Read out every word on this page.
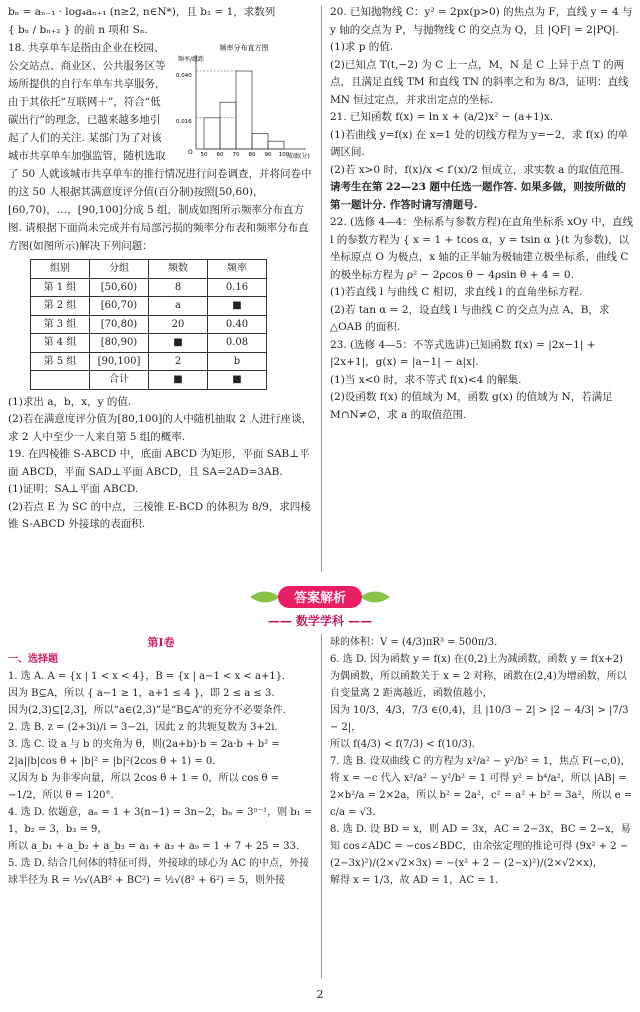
bₙ = aₙ₋₁ · log₄aₙ₊₁ (n≥2, n∈N*)，且 b₁ = 1，求数列

{ bₙ / bₙ₊₂ } 的前 n 项和 Sₙ.

频率分布直方图
频率/组距
0.040
0.016
O
成绩(分)
50 60 70 80 90 100
18. 共享单车是指由企业在校园、公交站点、商业区、公共服务区等场所提供的自行车单车共享服务，由于其依托“互联网＋”，符合“低碳出行”的理念，已越来越多地引起了人们的关注. 某部门为了对该城市共享单车加强监管，随机选取了 50 人就该城市共享单车的推行情况进行问卷调查，并将问卷中的这 50 人根据其满意度评分值(百分制)按照[50,60)，[60,70)，…，[90,100]分成 5 组，制成如图所示频率分布直方图. 请根据下面尚未完成并有局部污损的频率分布表和频率分布直方图(如图所示)解决下列问题：
组别	分组	频数	频率
第 1 组	[50,60)	8	0.16
第 2 组	[60,70)	a	■
第 3 组	[70,80)	20	0.40
第 4 组	[80,90)	■	0.08
第 5 组	[90,100]	2	b
	合计	■	■

(1)求出 a，b，x，y 的值.

(2)若在满意度评分值为[80,100]的人中随机抽取 2 人进行座谈，求 2 人中至少一人来自第 5 组的概率.

19. 在四棱锥 S-ABCD 中，底面 ABCD 为矩形，平面 SAB⊥平面 ABCD，平面 SAD⊥平面 ABCD，且 SA=2AD=3AB.

(1)证明：SA⊥平面 ABCD.

(2)若点 E 为 SC 的中点，三棱锥 E-BCD 的体积为 8/9，求四棱锥 S-ABCD 外接球的表面积.

20. 已知抛物线 C：y² = 2px(p>0) 的焦点为 F，直线 y = 4 与 y 轴的交点为 P，与抛物线 C 的交点为 Q，且 |QF| = 2|PQ|.

(1)求 p 的值.

(2)已知点 T(t,−2) 为 C 上一点，M，N 是 C 上异于点 T 的两点，且满足直线 TM 和直线 TN 的斜率之和为 8/3，证明：直线 MN 恒过定点，并求出定点的坐标.

21. 已知函数 f(x) = ln x + (a/2)x² − (a+1)x.

(1)若曲线 y=f(x) 在 x=1 处的切线方程为 y=−2，求 f(x) 的单调区间.

(2)若 x>0 时，f(x)/x < f′(x)/2 恒成立，求实数 a 的取值范围.

请考生在第 22—23 题中任选一题作答. 如果多做，则按所做的第一题计分. 作答时请写清题号.

22. (选修 4—4：坐标系与参数方程)在直角坐标系 xOy 中，直线 l 的参数方程为 { x = 1 + tcos α，y = tsin α }(t 为参数)，以坐标原点 O 为极点，x 轴的正半轴为极轴建立极坐标系，曲线 C 的极坐标方程为 ρ² − 2ρcos θ − 4ρsin θ + 4 = 0.

(1)若直线 l 与曲线 C 相切，求直线 l 的直角坐标方程.

(2)若 tan α = 2，设直线 l 与曲线 C 的交点为点 A，B，求 △OAB 的面积.

23. (选修 4—5：不等式选讲)已知函数 f(x) = |2x−1| + |2x+1|，g(x) = |a−1| − a|x|.

(1)当 x<0 时，求不等式 f(x)<4 的解集.

(2)设函数 f(x) 的值域为 M，函数 g(x) 的值域为 N，若满足 M∩N≠∅，求 a 的取值范围.

答案解析
—— 数学学科 ——

第Ⅰ卷

一、选择题

1. 选 A. A = {x | 1 < x < 4}，B = {x | a−1 < x < a+1}.

因为 B⊆A，所以 { a−1 ≥ 1，a+1 ≤ 4 }，即 2 ≤ a ≤ 3.

因为(2,3)⊆[2,3]，所以“a∈(2,3)”是“B⊆A”的充分不必要条件.

2. 选 B. z = (2+3i)/i = 3−2i，因此 z 的共轭复数为 3+2i.

3. 选 C. 设 a 与 b 的夹角为 θ，则(2a+b)·b = 2a·b + b² = 2|a||b|cos θ + |b|² = |b|²(2cos θ + 1) = 0.

又因为 b 为非零向量，所以 2cos θ + 1 = 0，所以 cos θ = −1/2，所以 θ = 120°.

4. 选 D. 依题意，aₙ = 1 + 3(n−1) = 3n−2，bₙ = 3ⁿ⁻¹，则 b₁ = 1，b₂ = 3，b₃ = 9，

所以 a_b₁ + a_b₂ + a_b₃ = a₁ + a₃ + a₉ = 1 + 7 + 25 = 33.

5. 选 D. 结合几何体的特征可得，外接球的球心为 AC 的中点，外接球半径为 R = ½√(AB² + BC²) = ½√(8² + 6²) = 5，则外接

球的体积：V = (4/3)πR³ = 500π/3.

6. 选 D. 因为函数 y = f(x) 在(0,2)上为减函数，函数 y = f(x+2) 为偶函数，所以函数关于 x = 2 对称，函数在(2,4)为增函数，所以自变量离 2 距离越近，函数值越小，

因为 10/3，4/3，7/3 ∈(0,4)，且 |10/3 − 2| > |2 − 4/3| > |7/3 − 2|，

所以 f(4/3) < f(7/3) < f(10/3).

7. 选 B. 设双曲线 C 的方程为 x²/a² − y²/b² = 1，焦点 F(−c,0)，将 x = −c 代入 x²/a² − y²/b² = 1 可得 y² = b⁴/a²，所以 |AB| = 2×b²/a = 2×2a，所以 b² = 2a²，c² = a² + b² = 3a²，所以 e = c/a = √3.

8. 选 D. 设 BD = x，则 AD = 3x，AC = 2−3x，BC = 2−x，易知 cos∠ADC = −cos∠BDC，由余弦定理的推论可得 (9x² + 2 − (2−3x)²)/(2×√2×3x) = −(x² + 2 − (2−x)²)/(2×√2×x)，

解得 x = 1/3，故 AD = 1，AC = 1.

2
